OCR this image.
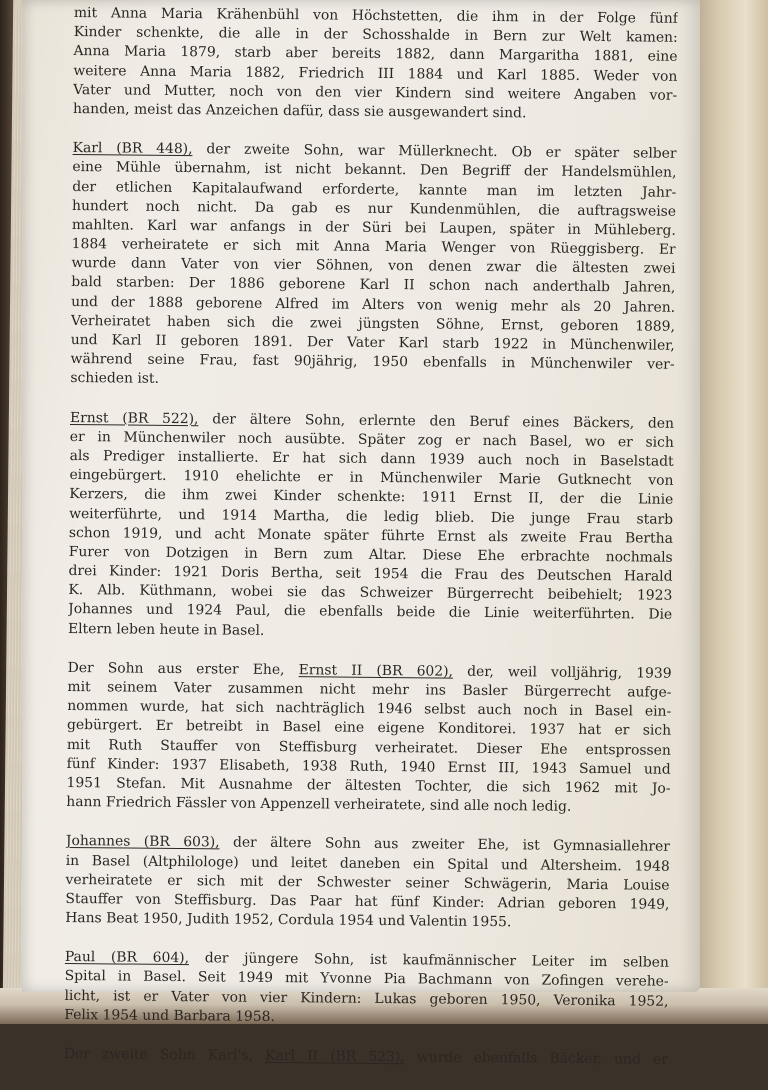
mit Anna Maria Krähenbühl von Höchstetten, die ihm in der Folge fünf
Kinder schenkte, die alle in der Schosshalde in Bern zur Welt kamen:
Anna Maria 1879, starb aber bereits 1882, dann Margaritha 1881, eine
weitere Anna Maria 1882, Friedrich III 1884 und Karl 1885. Weder von
Vater und Mutter, noch von den vier Kindern sind weitere Angaben vor-
handen, meist das Anzeichen dafür, dass sie ausgewandert sind.
Karl (BR 448), der zweite Sohn, war Müllerknecht. Ob er später selber
eine Mühle übernahm, ist nicht bekannt. Den Begriff der Handelsmühlen,
der etlichen Kapitalaufwand erforderte, kannte man im letzten Jahr-
hundert noch nicht. Da gab es nur Kundenmühlen, die auftragsweise
mahlten. Karl war anfangs in der Süri bei Laupen, später in Mühleberg.
1884 verheiratete er sich mit Anna Maria Wenger von Rüeggisberg. Er
wurde dann Vater von vier Söhnen, von denen zwar die ältesten zwei
bald starben: Der 1886 geborene Karl II schon nach anderthalb Jahren,
und der 1888 geborene Alfred im Alters von wenig mehr als 20 Jahren.
Verheiratet haben sich die zwei jüngsten Söhne, Ernst, geboren 1889,
und Karl II geboren 1891. Der Vater Karl starb 1922 in Münchenwiler,
während seine Frau, fast 90jährig, 1950 ebenfalls in Münchenwiler ver-
schieden ist.
Ernst (BR 522), der ältere Sohn, erlernte den Beruf eines Bäckers, den
er in Münchenwiler noch ausübte. Später zog er nach Basel, wo er sich
als Prediger installierte. Er hat sich dann 1939 auch noch in Baselstadt
eingebürgert. 1910 ehelichte er in Münchenwiler Marie Gutknecht von
Kerzers, die ihm zwei Kinder schenkte: 1911 Ernst II, der die Linie
weiterführte, und 1914 Martha, die ledig blieb. Die junge Frau starb
schon 1919, und acht Monate später führte Ernst als zweite Frau Bertha
Furer von Dotzigen in Bern zum Altar. Diese Ehe erbrachte nochmals
drei Kinder: 1921 Doris Bertha, seit 1954 die Frau des Deutschen Harald
K. Alb. Küthmann, wobei sie das Schweizer Bürgerrecht beibehielt; 1923
Johannes und 1924 Paul, die ebenfalls beide die Linie weiterführten. Die
Eltern leben heute in Basel.
Der Sohn aus erster Ehe, Ernst II (BR 602), der, weil volljährig, 1939
mit seinem Vater zusammen nicht mehr ins Basler Bürgerrecht aufge-
nommen wurde, hat sich nachträglich 1946 selbst auch noch in Basel ein-
gebürgert. Er betreibt in Basel eine eigene Konditorei. 1937 hat er sich
mit Ruth Stauffer von Steffisburg verheiratet. Dieser Ehe entsprossen
fünf Kinder: 1937 Elisabeth, 1938 Ruth, 1940 Ernst III, 1943 Samuel und
1951 Stefan. Mit Ausnahme der ältesten Tochter, die sich 1962 mit Jo-
hann Friedrich Fässler von Appenzell verheiratete, sind alle noch ledig.
Johannes (BR 603), der ältere Sohn aus zweiter Ehe, ist Gymnasiallehrer
in Basel (Altphilologe) und leitet daneben ein Spital und Altersheim. 1948
verheiratete er sich mit der Schwester seiner Schwägerin, Maria Louise
Stauffer von Steffisburg. Das Paar hat fünf Kinder: Adrian geboren 1949,
Hans Beat 1950, Judith 1952, Cordula 1954 und Valentin 1955.
Paul (BR 604), der jüngere Sohn, ist kaufmännischer Leiter im selben
Spital in Basel. Seit 1949 mit Yvonne Pia Bachmann von Zofingen verehe-
licht, ist er Vater von vier Kindern: Lukas geboren 1950, Veronika 1952,
Felix 1954 und Barbara 1958.
Der zweite Sohn Karl's, Karl II (BR 523), wurde ebenfalls Bäcker, und er
